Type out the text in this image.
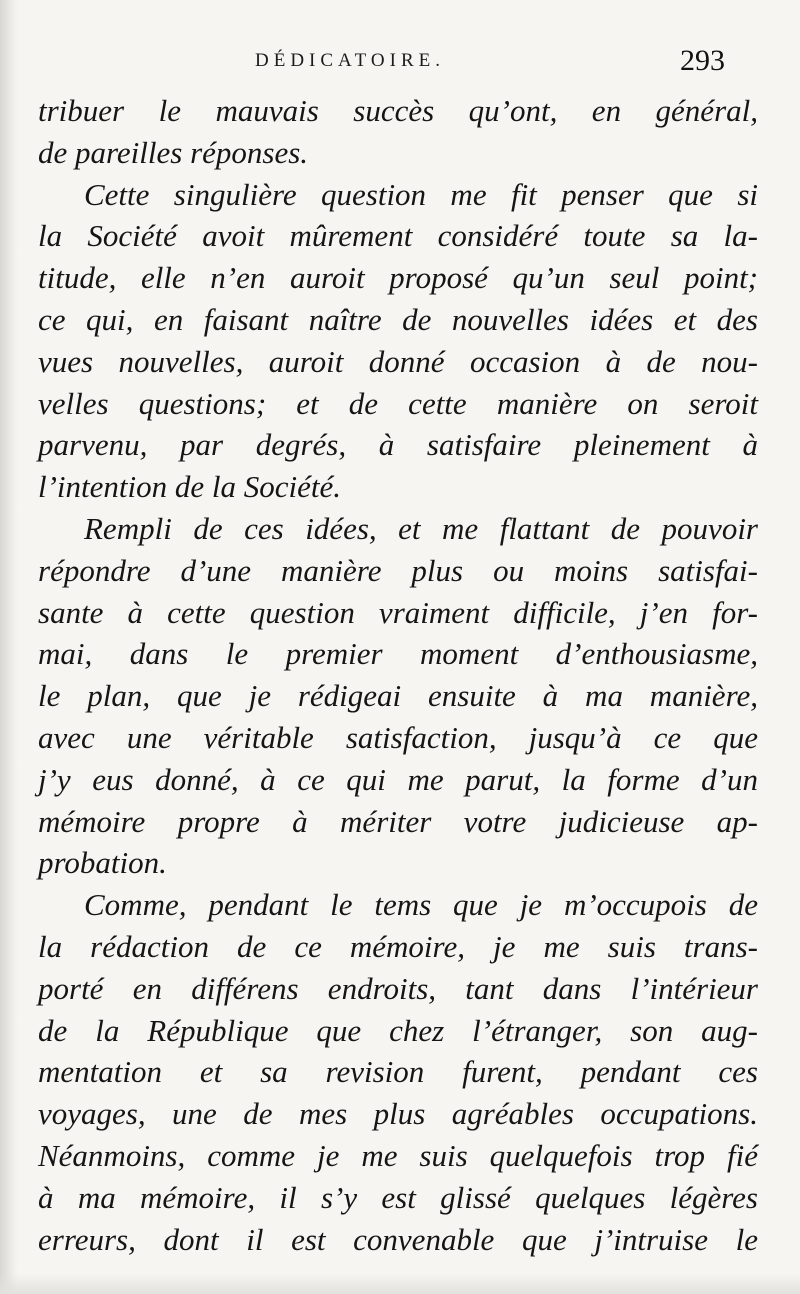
DÉDICATOIRE.	293
tribuer le mauvais succès qu’ont, en général,
de pareilles réponses.
Cette singulière question me fit penser que si
la Société avoit mûrement considéré toute sa la-
titude, elle n’en auroit proposé qu’un seul point;
ce qui, en faisant naître de nouvelles idées et des
vues nouvelles, auroit donné occasion à de nou-
velles questions; et de cette manière on seroit
parvenu, par degrés, à satisfaire pleinement à
l’intention de la Société.
Rempli de ces idées, et me flattant de pouvoir
répondre d’une manière plus ou moins satisfai-
sante à cette question vraiment difficile, j’en for-
mai, dans le premier moment d’enthousiasme,
le plan, que je rédigeai ensuite à ma manière,
avec une véritable satisfaction, jusqu’à ce que
j’y eus donné, à ce qui me parut, la forme d’un
mémoire propre à mériter votre judicieuse ap-
probation.
Comme, pendant le tems que je m’occupois de
la rédaction de ce mémoire, je me suis trans-
porté en différens endroits, tant dans l’intérieur
de la République que chez l’étranger, son aug-
mentation et sa revision furent, pendant ces
voyages, une de mes plus agréables occupations.
Néanmoins, comme je me suis quelquefois trop fié
à ma mémoire, il s’y est glissé quelques légères
erreurs, dont il est convenable que j’intruise le
